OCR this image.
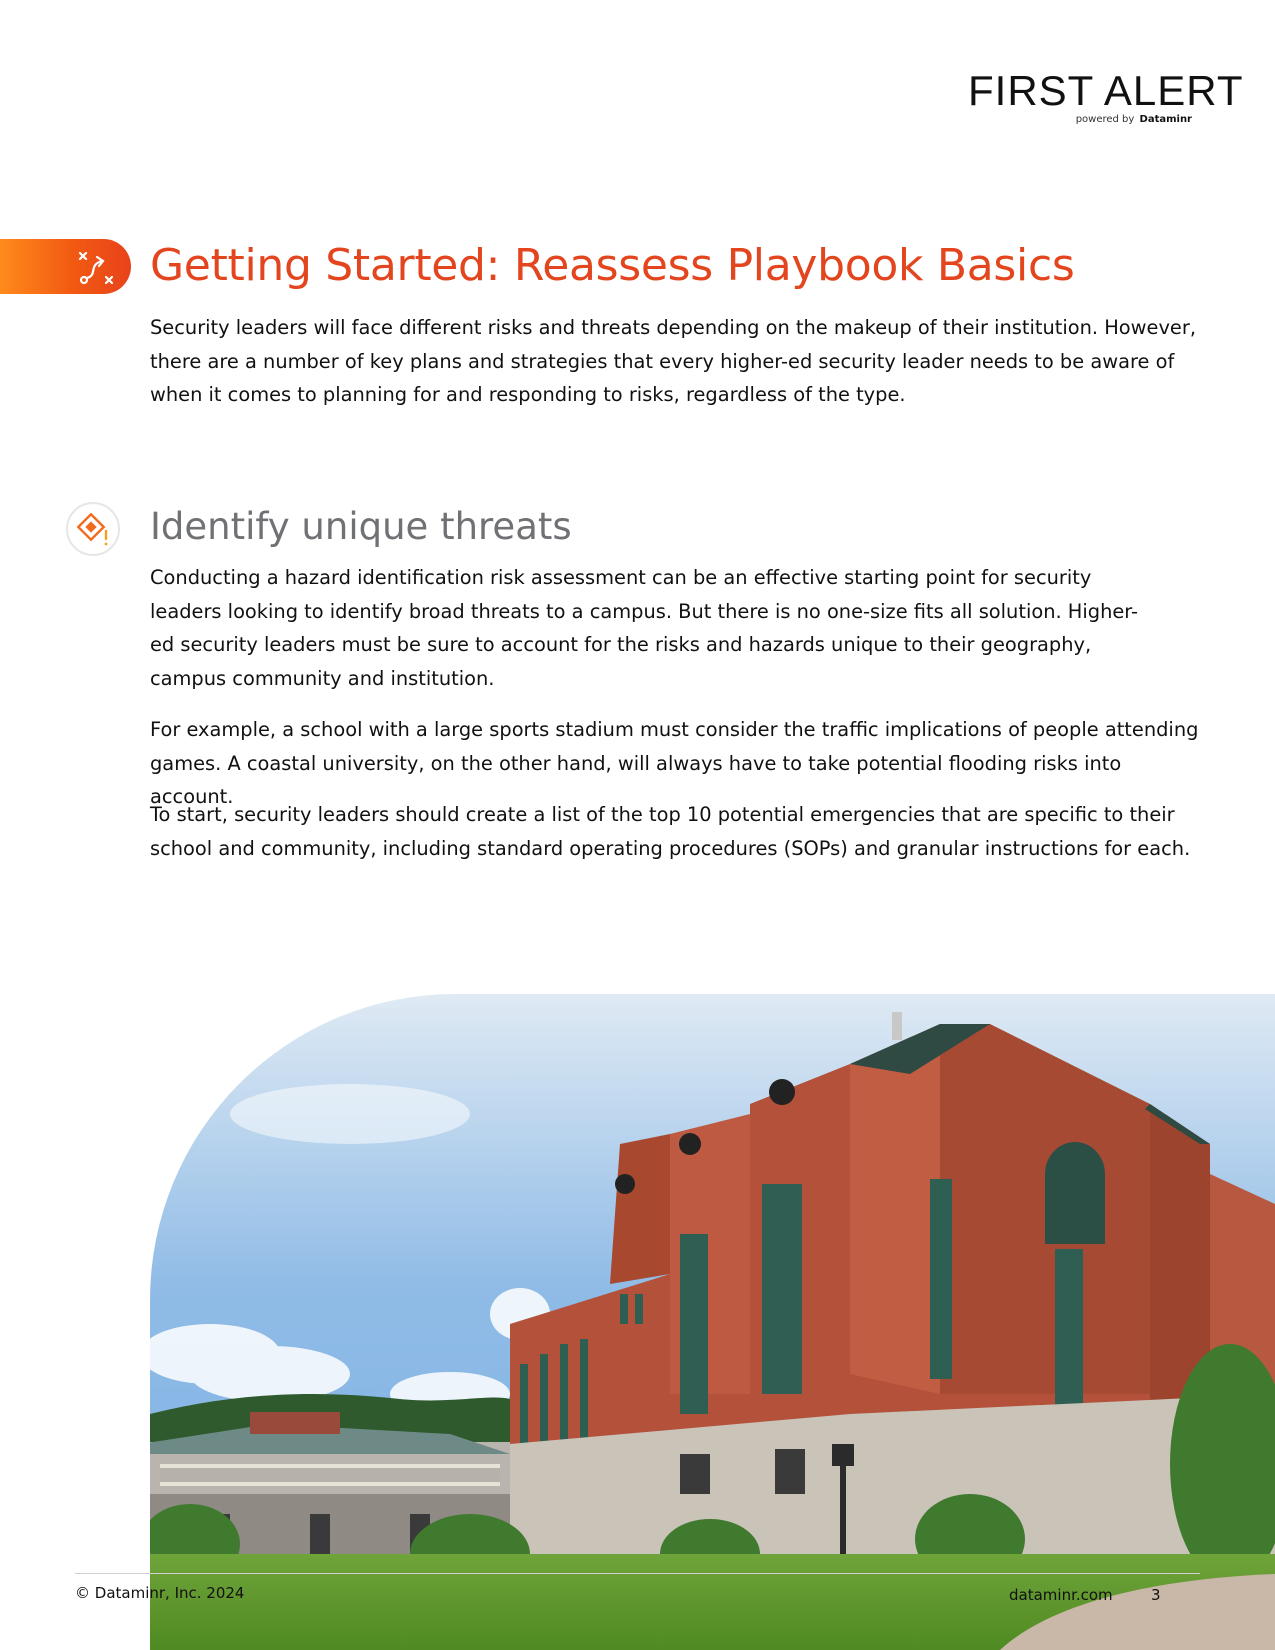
FIRST ALERT
powered by Dataminr
Getting Started: Reassess Playbook Basics

Security leaders will face different risks and threats depending on the makeup of their institution. However, there are a number of key plans and strategies that every higher-ed security leader needs to be aware of when it comes to planning for and responding to risks, regardless of the type.

Identify unique threats

Conducting a hazard identification risk assessment can be an effective starting point for security leaders looking to identify broad threats to a campus. But there is no one-size fits all solution. Higher-ed security leaders must be sure to account for the risks and hazards unique to their geography, campus community and institution.

For example, a school with a large sports stadium must consider the traffic implications of people attending games. A coastal university, on the other hand, will always have to take potential flooding risks into account.

To start, security leaders should create a list of the top 10 potential emergencies that are specific to their school and community, including standard operating procedures (SOPs) and granular instructions for each.

© Dataminr, Inc. 2024	dataminr.com	3
